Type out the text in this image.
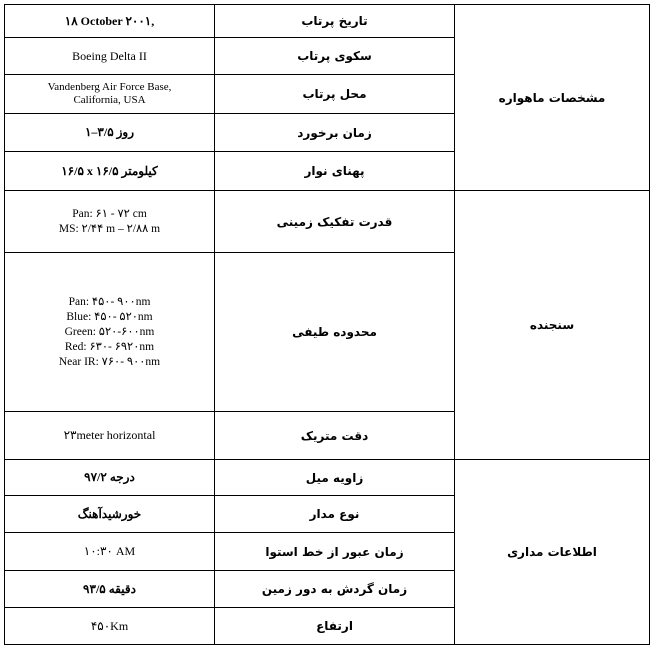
۱۸ October ۲۰۰۱,	تاریخ پرتاب	مشخصات ماهواره
Boeing Delta II	سکوی پرتاب	

Vandenberg Air Force Base,
California, USA	محل پرتاب	
۱–۳/۵ روز	زمان برخورد	
۱۶/۵ x ۱۶/۵ کیلومتر	پهنای نوار	

Pan: ۶۱ - ۷۲ cm
MS: ۲/۴۴ m – ۲/۸۸ m	قدرت تفکیک زمینی	سنجنده

Pan: ۴۵۰- ۹۰۰nm
Blue: ۴۵۰- ۵۲۰nm
Green: ۵۲۰-۶۰۰nm
Red: ۶۳۰- ۶۹۲۰nm
Near IR: ۷۶۰- ۹۰۰nm	محدوده طیفی	
۲۳meter horizontal	دقت متریک	
۹۷/۲ درجه	زاویه میل	اطلاعات مداری
خورشیدآهنگ	نوع مدار	
۱۰:۳۰ AM	زمان عبور از خط استوا	
۹۳/۵ دقیقه	زمان گردش به دور زمین	
۴۵۰Km	ارتفاع	
